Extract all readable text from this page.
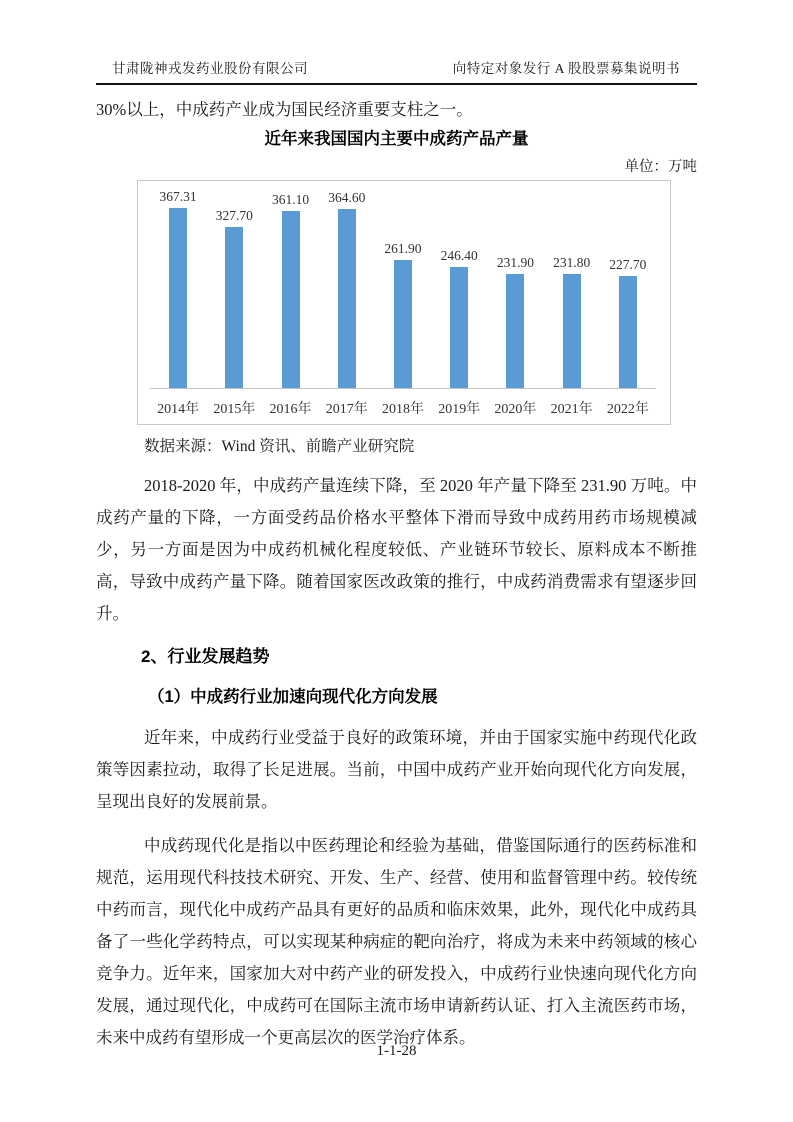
甘肃陇神戎发药业股份有限公司	向特定对象发行 A 股股票募集说明书
30%以上，中成药产业成为国民经济重要支柱之一。
近年来我国国内主要中成药产品产量
单位：万吨
367.31
327.70
361.10 364.60
261.90 246.40 231.90 231.80 227.70
2014年	2015年	2016年	2017年	2018年	2019年	2020年	2021年	2022年
数据来源：Wind 资讯、前瞻产业研究院

2018-2020 年，中成药产量连续下降，至 2020 年产量下降至 231.90 万吨。中成药产量的下降，一方面受药品价格水平整体下滑而导致中成药用药市场规模减少，另一方面是因为中成药机械化程度较低、产业链环节较长、原料成本不断推高，导致中成药产量下降。随着国家医改政策的推行，中成药消费需求有望逐步回升。

2、行业发展趋势
（1）中成药行业加速向现代化方向发展

近年来，中成药行业受益于良好的政策环境，并由于国家实施中药现代化政策等因素拉动，取得了长足进展。当前，中国中成药产业开始向现代化方向发展，呈现出良好的发展前景。

中成药现代化是指以中医药理论和经验为基础，借鉴国际通行的医药标准和规范，运用现代科技技术研究、开发、生产、经营、使用和监督管理中药。较传统中药而言，现代化中成药产品具有更好的品质和临床效果，此外，现代化中成药具备了一些化学药特点，可以实现某种病症的靶向治疗，将成为未来中药领域的核心竞争力。近年来，国家加大对中药产业的研发投入，中成药行业快速向现代化方向发展，通过现代化，中成药可在国际主流市场申请新药认证、打入主流医药市场，未来中成药有望形成一个更高层次的医学治疗体系。

1-1-28
